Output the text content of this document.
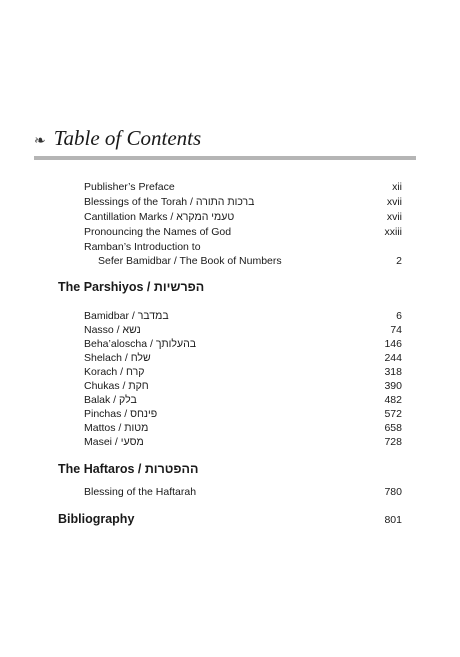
❧ Table of Contents
Publisher’s Preface	xii
Blessings of the Torah / ברכות התורה	xvii
Cantillation Marks / טעמי המקרא	xvii
Pronouncing the Names of God	xxiii
Ramban’s Introduction to
Sefer Bamidbar / The Book of Numbers	2
The Parshiyos / הפרשיות
Bamidbar / במדבר	6
Nasso / נשא	74
Beha’aloscha / בהעלותך	146
Shelach / שלח	244
Korach / קרח	318
Chukas / חקת	390
Balak / בלק	482
Pinchas / פינחס	572
Mattos / מטות	658
Masei / מסעי	728
The Haftaros / ההפטרות
Blessing of the Haftarah	780
Bibliography	801
